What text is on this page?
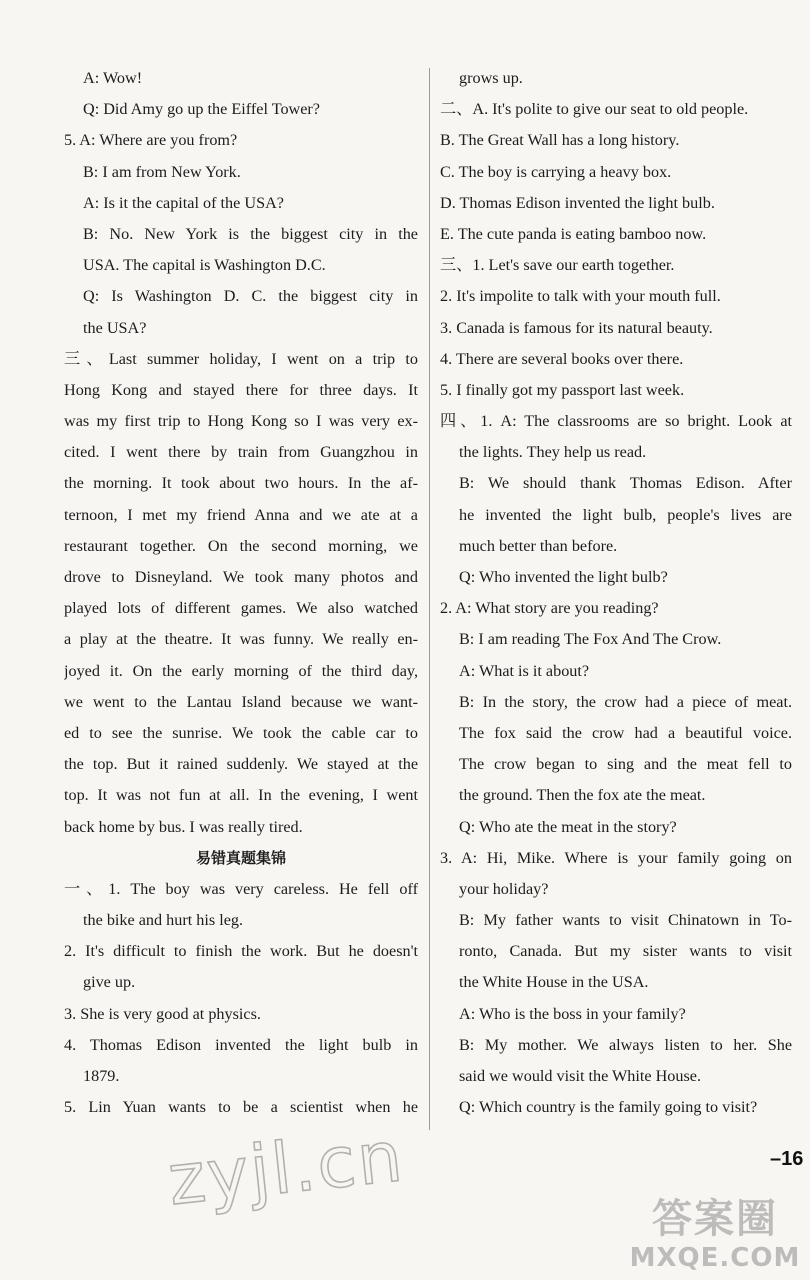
A: Wow!
Q: Did Amy go up the Eiffel Tower?
5. A: Where are you from?
B: I am from New York.
A: Is it the capital of the USA?
B: No. New York is the biggest city in the
USA. The capital is Washington D.C.
Q: Is Washington D. C. the biggest city in
the USA?
三、Last summer holiday, I went on a trip to
Hong Kong and stayed there for three days. It
was my first trip to Hong Kong so I was very ex-
cited. I went there by train from Guangzhou in
the morning. It took about two hours. In the af-
ternoon, I met my friend Anna and we ate at a
restaurant together. On the second morning, we
drove to Disneyland. We took many photos and
played lots of different games. We also watched
a play at the theatre. It was funny. We really en-
joyed it. On the early morning of the third day,
we went to the Lantau Island because we want-
ed to see the sunrise. We took the cable car to
the top. But it rained suddenly. We stayed at the
top. It was not fun at all. In the evening, I went
back home by bus. I was really tired.
易错真题集锦
一、1. The boy was very careless. He fell off
the bike and hurt his leg.
2. It's difficult to finish the work. But he doesn't
give up.
3. She is very good at physics.
4. Thomas Edison invented the light bulb in
1879.
5. Lin Yuan wants to be a scientist when he
grows up.
二、A. It's polite to give our seat to old people.
B. The Great Wall has a long history.
C. The boy is carrying a heavy box.
D. Thomas Edison invented the light bulb.
E. The cute panda is eating bamboo now.
三、1. Let's save our earth together.
2. It's impolite to talk with your mouth full.
3. Canada is famous for its natural beauty.
4. There are several books over there.
5. I finally got my passport last week.
四、1. A: The classrooms are so bright. Look at
the lights. They help us read.
B: We should thank Thomas Edison. After
he invented the light bulb, people's lives are
much better than before.
Q: Who invented the light bulb?
2. A: What story are you reading?
B: I am reading The Fox And The Crow.
A: What is it about?
B: In the story, the crow had a piece of meat.
The fox said the crow had a beautiful voice.
The crow began to sing and the meat fell to
the ground. Then the fox ate the meat.
Q: Who ate the meat in the story?
3. A: Hi, Mike. Where is your family going on
your holiday?
B: My father wants to visit Chinatown in To-
ronto, Canada. But my sister wants to visit
the White House in the USA.
A: Who is the boss in your family?
B: My mother. We always listen to her. She
said we would visit the White House.
Q: Which country is the family going to visit?
–16
zyjl.cn	答案圈
MXQE.COM
